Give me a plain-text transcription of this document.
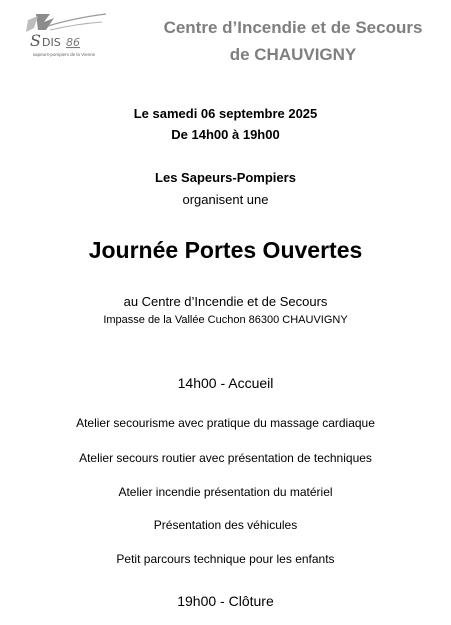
S DIS 86
sapeurs-pompiers de la Vienne
Centre d’Incendie et de Secours
de CHAUVIGNY
Le samedi 06 septembre 2025
De 14h00 à 19h00
Les Sapeurs-Pompiers
organisent une
Journée Portes Ouvertes
au Centre d’Incendie et de Secours
Impasse de la Vallée Cuchon 86300 CHAUVIGNY
14h00 - Accueil
Atelier secourisme avec pratique du massage cardiaque
Atelier secours routier avec présentation de techniques
Atelier incendie présentation du matériel
Présentation des véhicules
Petit parcours technique pour les enfants
19h00 - Clôture
